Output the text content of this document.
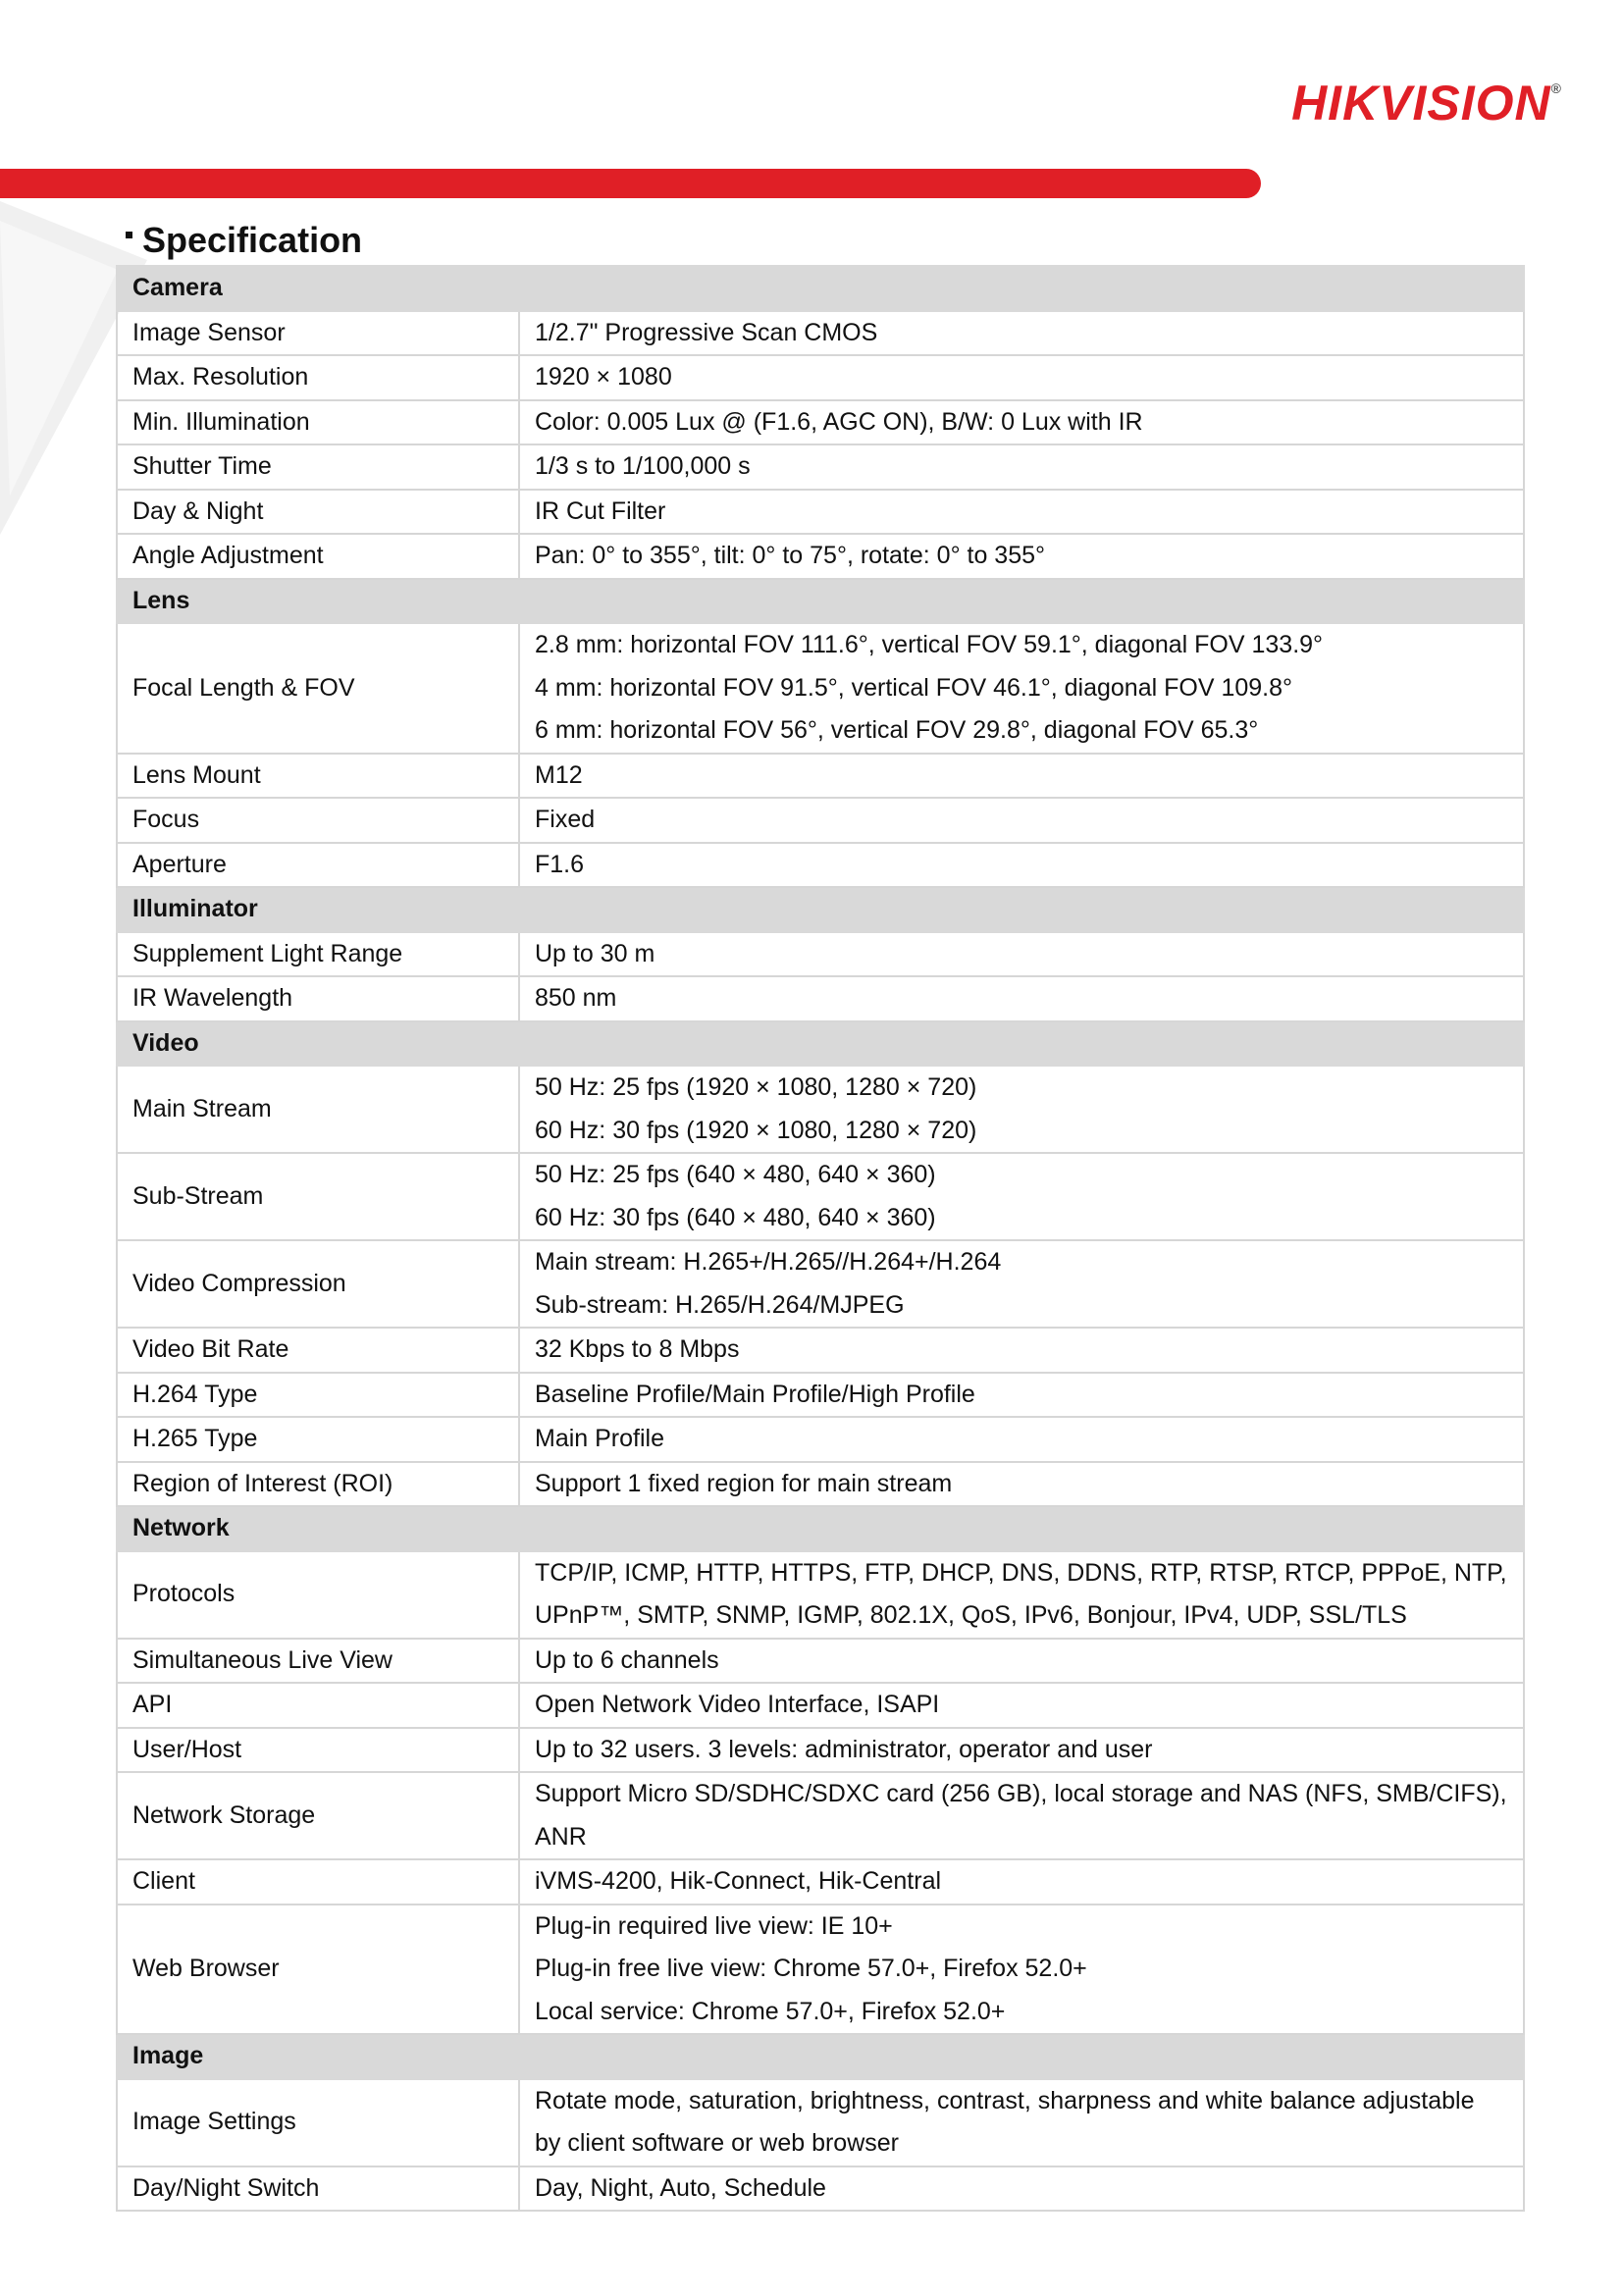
HIKVISION®
Specification
Camera	
Image Sensor	1/2.7" Progressive Scan CMOS

Max. Resolution	1920 × 1080

Min. Illumination	Color: 0.005 Lux @ (F1.6, AGC ON), B/W: 0 Lux with IR

Shutter Time	1/3 s to 1/100,000 s

Day & Night	IR Cut Filter

Angle Adjustment	Pan: 0° to 355°, tilt: 0° to 75°, rotate: 0° to 355°

Lens	
Focal Length & FOV	2.8 mm: horizontal FOV 111.6°, vertical FOV 59.1°, diagonal FOV 133.9°
4 mm: horizontal FOV 91.5°, vertical FOV 46.1°, diagonal FOV 109.8°
6 mm: horizontal FOV 56°, vertical FOV 29.8°, diagonal FOV 65.3°

Lens Mount	M12

Focus	Fixed

Aperture	F1.6

Illuminator	
Supplement Light Range	Up to 30 m

IR Wavelength	850 nm

Video	
Main Stream	50 Hz: 25 fps (1920 × 1080, 1280 × 720)
60 Hz: 30 fps (1920 × 1080, 1280 × 720)

Sub-Stream	50 Hz: 25 fps (640 × 480, 640 × 360)
60 Hz: 30 fps (640 × 480, 640 × 360)

Video Compression	Main stream: H.265+/H.265//H.264+/H.264
Sub-stream: H.265/H.264/MJPEG

Video Bit Rate	32 Kbps to 8 Mbps

H.264 Type	Baseline Profile/Main Profile/High Profile

H.265 Type	Main Profile

Region of Interest (ROI)	Support 1 fixed region for main stream

Network	
Protocols	TCP/IP, ICMP, HTTP, HTTPS, FTP, DHCP, DNS, DDNS, RTP, RTSP, RTCP, PPPoE, NTP,
UPnP™, SMTP, SNMP, IGMP, 802.1X, QoS, IPv6, Bonjour, IPv4, UDP, SSL/TLS

Simultaneous Live View	Up to 6 channels

API	Open Network Video Interface, ISAPI

User/Host	Up to 32 users. 3 levels: administrator, operator and user

Network Storage	Support Micro SD/SDHC/SDXC card (256 GB), local storage and NAS (NFS, SMB/CIFS),
ANR

Client	iVMS-4200, Hik-Connect, Hik-Central

Web Browser	Plug-in required live view: IE 10+
Plug-in free live view: Chrome 57.0+, Firefox 52.0+
Local service: Chrome 57.0+, Firefox 52.0+

Image	
Image Settings	Rotate mode, saturation, brightness, contrast, sharpness and white balance adjustable
by client software or web browser

Day/Night Switch	Day, Night, Auto, Schedule
